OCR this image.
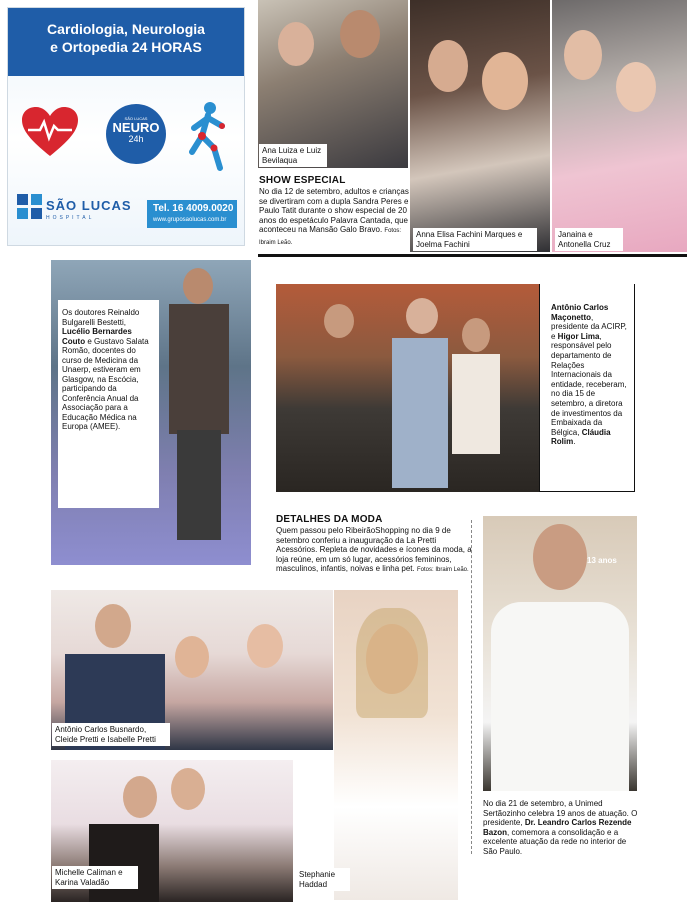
Cardiologia, Neurologia
e Ortopedia 24 HORAS
SÃO LUCAS
NEURO
24h
SÃO LUCAS
HOSPITAL
Tel. 16 4009.0020
www.gruposaolucas.com.br
Ana Luiza e Luiz Bevilaqua
Anna Elisa Fachini Marques e Joelma Fachini
Janaina e Antonella Cruz
SHOW ESPECIAL
No dia 12 de setembro, adultos e crianças se divertiram com a dupla Sandra Peres e Paulo Tatit durante o show especial de 20 anos do espetáculo Palavra Cantada, que aconteceu na Mansão Galo Bravo. Fotos: Ibraim Leão.
Os doutores Reinaldo Bulgarelli Bestetti, Lucélio Bernardes Couto e Gustavo Salata Romão, docentes do curso de Medicina da Unaerp, estiveram em Glasgow, na Escócia, participando da Conferência Anual da Associação para a Educação Médica na Europa (AMEE).
Antônio Carlos Maçonetto, presidente da ACIRP, e Higor Lima, responsável pelo departamento de Relações Internacionais da entidade, receberam, no dia 15 de setembro, a diretora de investimentos da Embaixada da Bélgica, Cláudia Rolim.
DETALHES DA MODA
Quem passou pelo RibeirãoShopping no dia 9 de setembro conferiu a inauguração da La Pretti Acessórios. Repleta de novidades e ícones da moda, a loja reúne, em um só lugar, acessórios femininos, masculinos, infantis, noivas e linha pet. Fotos: Ibraim Leão.
Antônio Carlos Busnardo, Cleide Pretti e Isabelle Pretti
Stephanie Haddad
Michelle Caliman e Karina Valadão
13 anos
No dia 21 de setembro, a Unimed Sertãozinho celebra 19 anos de atuação. O presidente, Dr. Leandro Carlos Rezende Bazon, comemora a consolidação e a excelente atuação da rede no interior de São Paulo.
